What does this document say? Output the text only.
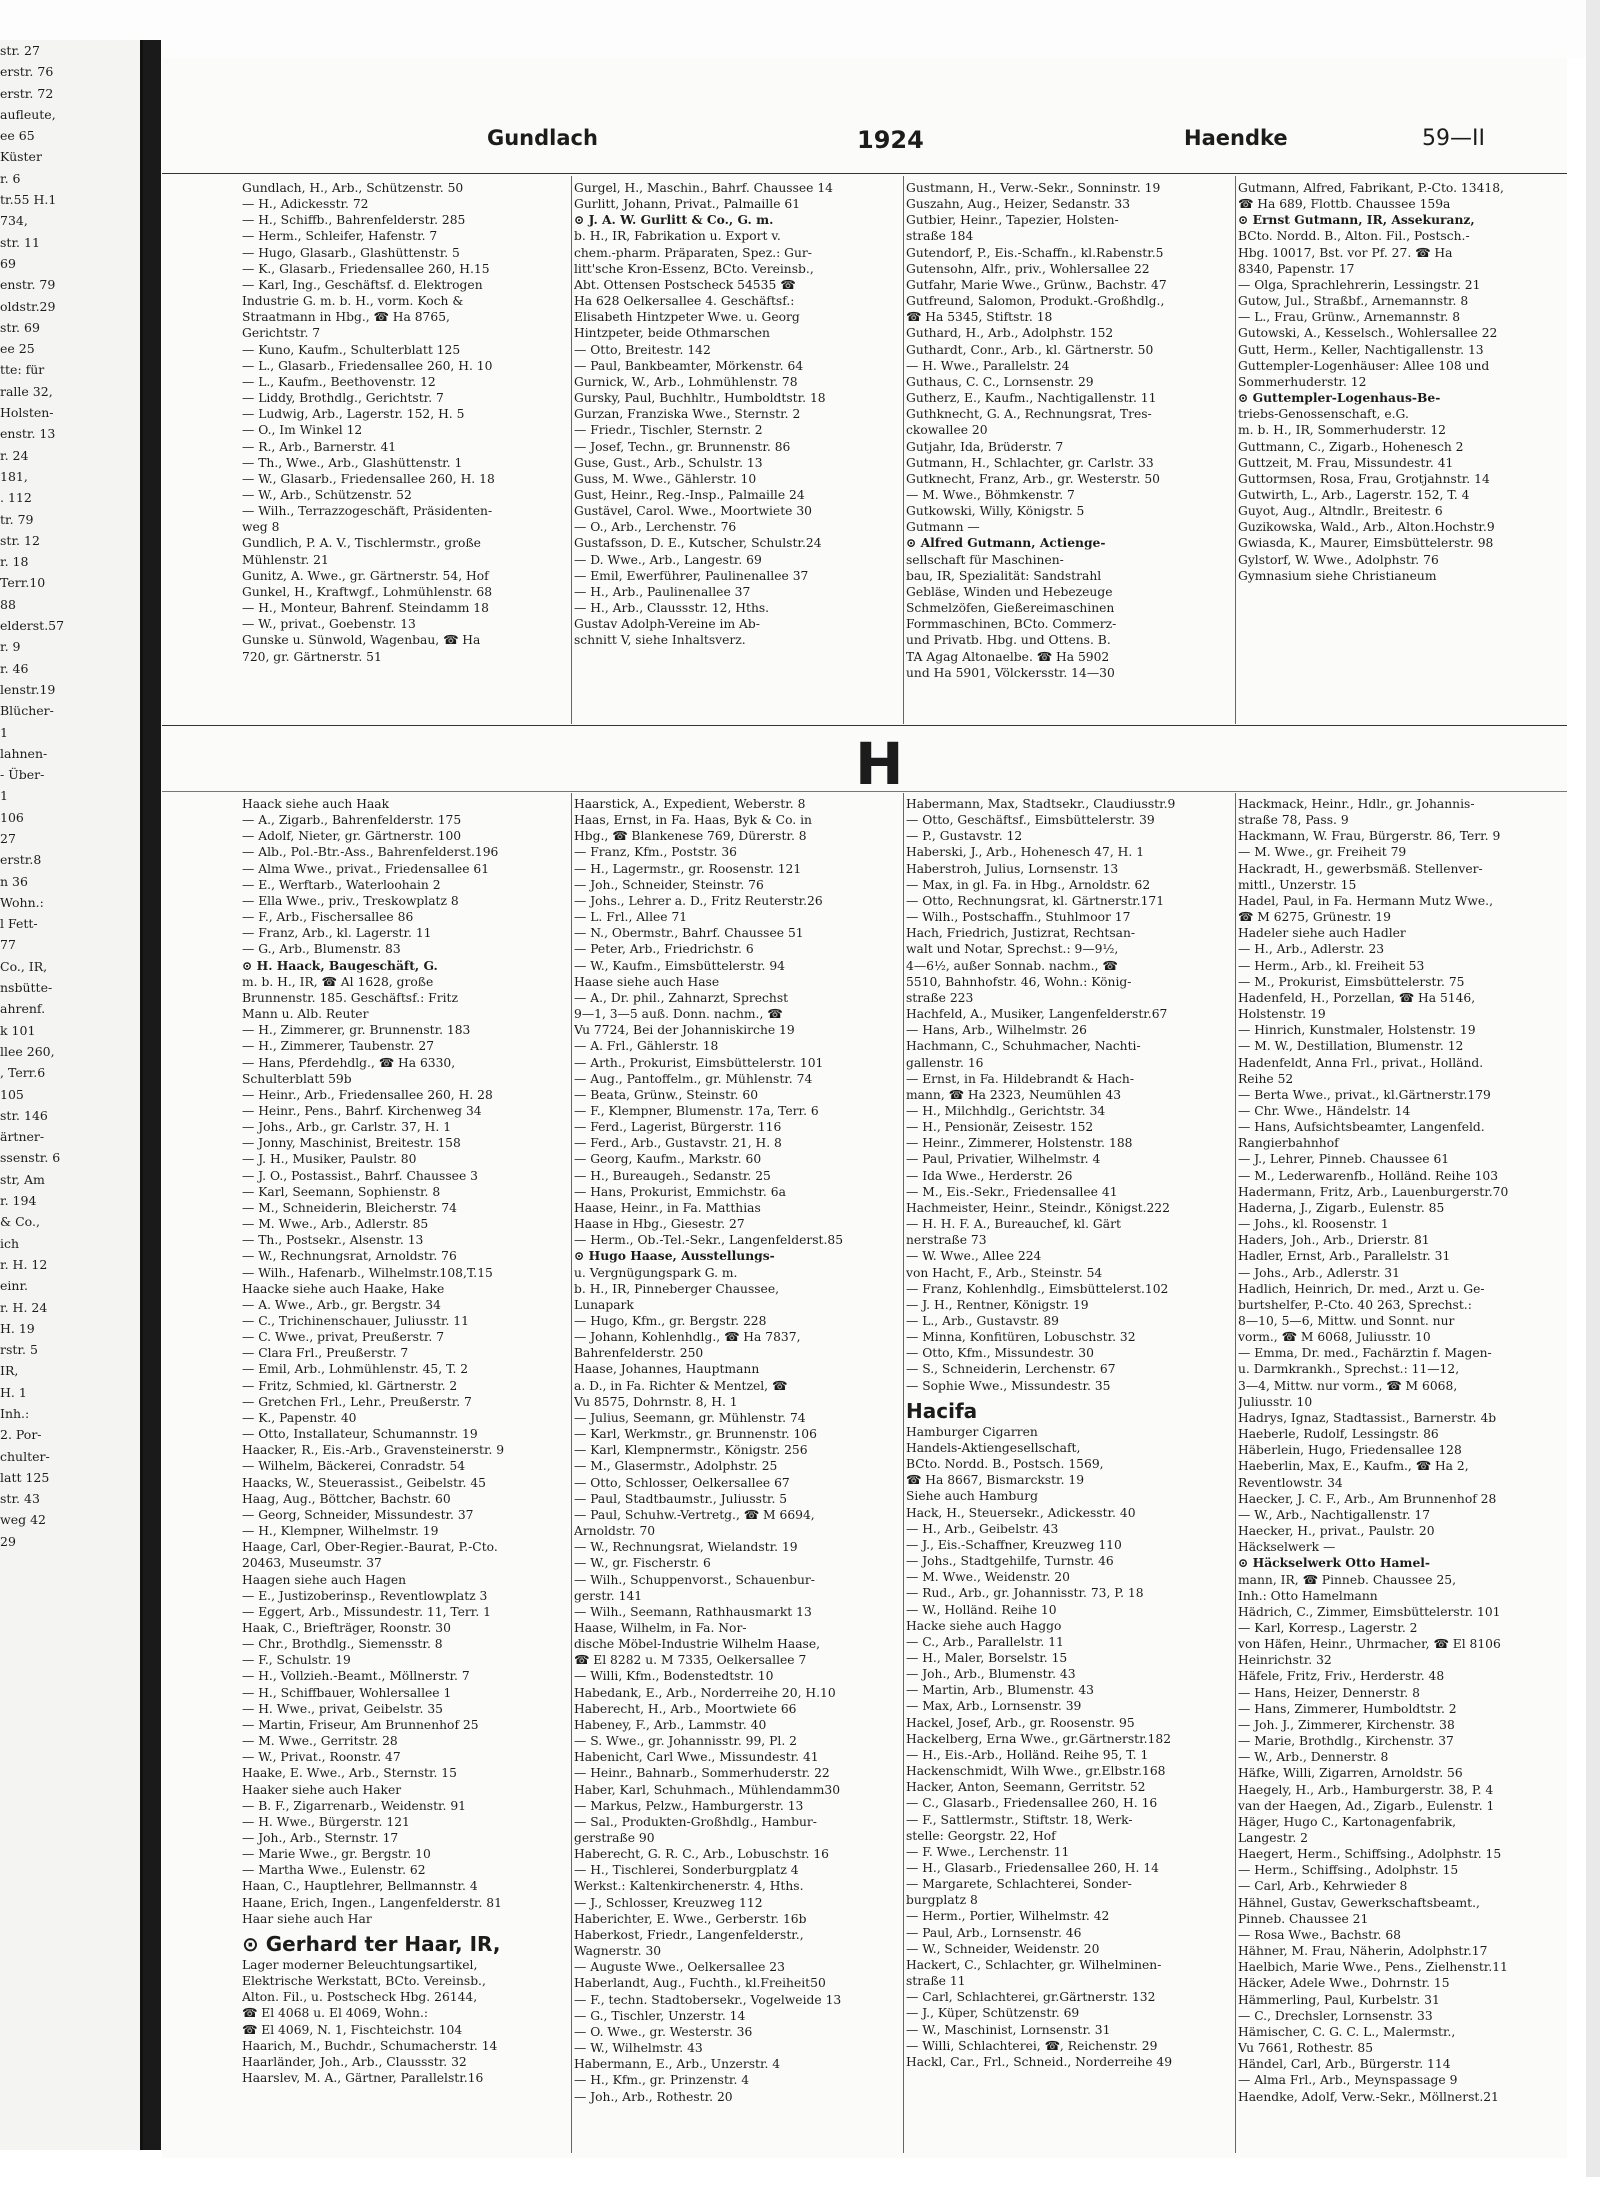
str. 27
erstr. 76
erstr. 72
aufleute,
ee 65
Küster
r. 6
tr.55 H.1
734,
str. 11
69
enstr. 79
oldstr.29
str. 69
ee 25
tte: für
ralle 32,
Holsten-
enstr. 13
r. 24
181,
. 112
tr. 79
str. 12
r. 18
Terr.10
88
elderst.57
r. 9
r. 46
lenstr.19
Blücher-
1
lahnen-
- Über-
1
106
27
erstr.8
n 36
Wohn.:
l Fett-
77
Co., IR,
nsbütte-
ahrenf.
k 101
llee 260,
, Terr.6
105
str. 146
ärtner-
ssenstr. 6
str, Am
r. 194
& Co.,
ich
r. H. 12
einr.
r. H. 24
H. 19
rstr. 5
IR,
H. 1
Inh.:
2. Por-
chulter-
latt 125
str. 43
weg 42
29
Gundlach	1924	Haendke	59—II
Gundlach, H., Arb., Schützenstr. 50
— H., Adickesstr. 72
— H., Schiffb., Bahrenfelderstr. 285
— Herm., Schleifer, Hafenstr. 7
— Hugo, Glasarb., Glashüttenstr. 5
— K., Glasarb., Friedensallee 260, H.15
— Karl, Ing., Geschäftsf. d. Elektrogen
Industrie G. m. b. H., vorm. Koch &
Straatmann in Hbg., ☎ Ha 8765,
Gerichtstr. 7
— Kuno, Kaufm., Schulterblatt 125
— L., Glasarb., Friedensallee 260, H. 10
— L., Kaufm., Beethovenstr. 12
— Liddy, Brothdlg., Gerichtstr. 7
— Ludwig, Arb., Lagerstr. 152, H. 5
— O., Im Winkel 12
— R., Arb., Barnerstr. 41
— Th., Wwe., Arb., Glashüttenstr. 1
— W., Glasarb., Friedensallee 260, H. 18
— W., Arb., Schützenstr. 52
— Wilh., Terrazzogeschäft, Präsidenten-
weg 8
Gundlich, P. A. V., Tischlermstr., große
Mühlenstr. 21
Gunitz, A. Wwe., gr. Gärtnerstr. 54, Hof
Gunkel, H., Kraftwgf., Lohmühlenstr. 68
— H., Monteur, Bahrenf. Steindamm 18
— W., privat., Goebenstr. 13
Gunske u. Sünwold, Wagenbau, ☎ Ha
720, gr. Gärtnerstr. 51
Gurgel, H., Maschin., Bahrf. Chaussee 14
Gurlitt, Johann, Privat., Palmaille 61
⊙ J. A. W. Gurlitt & Co., G. m.
b. H., IR, Fabrikation u. Export v.
chem.-pharm. Präparaten, Spez.: Gur-
litt'sche Kron-Essenz, BCto. Vereinsb.,
Abt. Ottensen Postscheck 54535 ☎
Ha 628 Oelkersallee 4. Geschäftsf.:
Elisabeth Hintzpeter Wwe. u. Georg
Hintzpeter, beide Othmarschen
— Otto, Breitestr. 142
— Paul, Bankbeamter, Mörkenstr. 64
Gurnick, W., Arb., Lohmühlenstr. 78
Gursky, Paul, Buchhltr., Humboldtstr. 18
Gurzan, Franziska Wwe., Sternstr. 2
— Friedr., Tischler, Sternstr. 2
— Josef, Techn., gr. Brunnenstr. 86
Guse, Gust., Arb., Schulstr. 13
Guss, M. Wwe., Gählerstr. 10
Gust, Heinr., Reg.-Insp., Palmaille 24
Gustävel, Carol. Wwe., Moortwiete 30
— O., Arb., Lerchenstr. 76
Gustafsson, D. E., Kutscher, Schulstr.24
— D. Wwe., Arb., Langestr. 69
— Emil, Ewerführer, Paulinenallee 37
— H., Arb., Paulinenallee 37
— H., Arb., Claussstr. 12, Hths.
Gustav Adolph-Vereine im Ab-
schnitt V, siehe Inhaltsverz.
Gustmann, H., Verw.-Sekr., Sonninstr. 19
Guszahn, Aug., Heizer, Sedanstr. 33
Gutbier, Heinr., Tapezier, Holsten-
straße 184
Gutendorf, P., Eis.-Schaffn., kl.Rabenstr.5
Gutensohn, Alfr., priv., Wohlersallee 22
Gutfahr, Marie Wwe., Grünw., Bachstr. 47
Gutfreund, Salomon, Produkt.-Großhdlg.,
☎ Ha 5345, Stiftstr. 18
Guthard, H., Arb., Adolphstr. 152
Guthardt, Conr., Arb., kl. Gärtnerstr. 50
— H. Wwe., Parallelstr. 24
Guthaus, C. C., Lornsenstr. 29
Gutherz, E., Kaufm., Nachtigallenstr. 11
Guthknecht, G. A., Rechnungsrat, Tres-
ckowallee 20
Gutjahr, Ida, Brüderstr. 7
Gutmann, H., Schlachter, gr. Carlstr. 33
Gutknecht, Franz, Arb., gr. Westerstr. 50
— M. Wwe., Böhmkenstr. 7
Gutkowski, Willy, Königstr. 5
Gutmann —
⊙ Alfred Gutmann, Actienge-
sellschaft für Maschinen-
bau, IR, Spezialität: Sandstrahl
Gebläse, Winden und Hebezeuge
Schmelzöfen, Gießereimaschinen
Formmaschinen, BCto. Commerz-
und Privatb. Hbg. und Ottens. B.
TA Agag Altonaelbe. ☎ Ha 5902
und Ha 5901, Völckersstr. 14—30
Gutmann, Alfred, Fabrikant, P.-Cto. 13418,
☎ Ha 689, Flottb. Chaussee 159a
⊙ Ernst Gutmann, IR, Assekuranz,
BCto. Nordd. B., Alton. Fil., Postsch.-
Hbg. 10017, Bst. vor Pf. 27. ☎ Ha
8340, Papenstr. 17
— Olga, Sprachlehrerin, Lessingstr. 21
Gutow, Jul., Straßbf., Arnemannstr. 8
— L., Frau, Grünw., Arnemannstr. 8
Gutowski, A., Kesselsch., Wohlersallee 22
Gutt, Herm., Keller, Nachtigallenstr. 13
Guttempler-Logenhäuser: Allee 108 und
Sommerhuderstr. 12
⊙ Guttempler-Logenhaus-Be-
triebs-Genossenschaft, e.G.
m. b. H., IR, Sommerhuderstr. 12
Guttmann, C., Zigarb., Hohenesch 2
Guttzeit, M. Frau, Missundestr. 41
Guttormsen, Rosa, Frau, Grotjahnstr. 14
Gutwirth, L., Arb., Lagerstr. 152, T. 4
Guyot, Aug., Altndlr., Breitestr. 6
Guzikowska, Wald., Arb., Alton.Hochstr.9
Gwiasda, K., Maurer, Eimsbüttelerstr. 98
Gylstorf, W. Wwe., Adolphstr. 76
Gymnasium siehe Christianeum
H
Haack siehe auch Haak
— A., Zigarb., Bahrenfelderstr. 175
— Adolf, Nieter, gr. Gärtnerstr. 100
— Alb., Pol.-Btr.-Ass., Bahrenfelderst.196
— Alma Wwe., privat., Friedensallee 61
— E., Werftarb., Waterloohain 2
— Ella Wwe., priv., Treskowplatz 8
— F., Arb., Fischersallee 86
— Franz, Arb., kl. Lagerstr. 11
— G., Arb., Blumenstr. 83
⊙ H. Haack, Baugeschäft, G.
m. b. H., IR, ☎ Al 1628, große
Brunnenstr. 185. Geschäftsf.: Fritz
Mann u. Alb. Reuter
— H., Zimmerer, gr. Brunnenstr. 183
— H., Zimmerer, Taubenstr. 27
— Hans, Pferdehdlg., ☎ Ha 6330,
Schulterblatt 59b
— Heinr., Arb., Friedensallee 260, H. 28
— Heinr., Pens., Bahrf. Kirchenweg 34
— Johs., Arb., gr. Carlstr. 37, H. 1
— Jonny, Maschinist, Breitestr. 158
— J. H., Musiker, Paulstr. 80
— J. O., Postassist., Bahrf. Chaussee 3
— Karl, Seemann, Sophienstr. 8
— M., Schneiderin, Bleicherstr. 74
— M. Wwe., Arb., Adlerstr. 85
— Th., Postsekr., Alsenstr. 13
— W., Rechnungsrat, Arnoldstr. 76
— Wilh., Hafenarb., Wilhelmstr.108,T.15
Haacke siehe auch Haake, Hake
— A. Wwe., Arb., gr. Bergstr. 34
— C., Trichinenschauer, Juliusstr. 11
— C. Wwe., privat, Preußerstr. 7
— Clara Frl., Preußerstr. 7
— Emil, Arb., Lohmühlenstr. 45, T. 2
— Fritz, Schmied, kl. Gärtnerstr. 2
— Gretchen Frl., Lehr., Preußerstr. 7
— K., Papenstr. 40
— Otto, Installateur, Schumannstr. 19
Haacker, R., Eis.-Arb., Gravensteinerstr. 9
— Wilhelm, Bäckerei, Conradstr. 54
Haacks, W., Steuerassist., Geibelstr. 45
Haag, Aug., Böttcher, Bachstr. 60
— Georg, Schneider, Missundestr. 37
— H., Klempner, Wilhelmstr. 19
Haage, Carl, Ober-Regier.-Baurat, P.-Cto.
20463, Museumstr. 37
Haagen siehe auch Hagen
— E., Justizoberinsp., Reventlowplatz 3
— Eggert, Arb., Missundestr. 11, Terr. 1
Haak, C., Briefträger, Roonstr. 30
— Chr., Brothdlg., Siemensstr. 8
— F., Schulstr. 19
— H., Vollzieh.-Beamt., Möllnerstr. 7
— H., Schiffbauer, Wohlersallee 1
— H. Wwe., privat, Geibelstr. 35
— Martin, Friseur, Am Brunnenhof 25
— M. Wwe., Gerritstr. 28
— W., Privat., Roonstr. 47
Haake, E. Wwe., Arb., Sternstr. 15
Haaker siehe auch Haker
— B. F., Zigarrenarb., Weidenstr. 91
— H. Wwe., Bürgerstr. 121
— Joh., Arb., Sternstr. 17
— Marie Wwe., gr. Bergstr. 10
— Martha Wwe., Eulenstr. 62
Haan, C., Hauptlehrer, Bellmannstr. 4
Haane, Erich, Ingen., Langenfelderstr. 81
Haar siehe auch Har
⊙ Gerhard ter Haar, IR,
Lager moderner Beleuchtungsartikel,
Elektrische Werkstatt, BCto. Vereinsb.,
Alton. Fil., u. Postscheck Hbg. 26144,
☎ El 4068 u. El 4069, Wohn.:
☎ El 4069, N. 1, Fischteichstr. 104
Haarich, M., Buchdr., Schumacherstr. 14
Haarländer, Joh., Arb., Claussstr. 32
Haarslev, M. A., Gärtner, Parallelstr.16
Haarstick, A., Expedient, Weberstr. 8
Haas, Ernst, in Fa. Haas, Byk & Co. in
Hbg., ☎ Blankenese 769, Dürerstr. 8
— Franz, Kfm., Poststr. 36
— H., Lagermstr., gr. Roosenstr. 121
— Joh., Schneider, Steinstr. 76
— Johs., Lehrer a. D., Fritz Reuterstr.26
— L. Frl., Allee 71
— N., Obermstr., Bahrf. Chaussee 51
— Peter, Arb., Friedrichstr. 6
— W., Kaufm., Eimsbüttelerstr. 94
Haase siehe auch Hase
— A., Dr. phil., Zahnarzt, Sprechst
9—1, 3—5 auß. Donn. nachm., ☎
Vu 7724, Bei der Johanniskirche 19
— A. Frl., Gählerstr. 18
— Arth., Prokurist, Eimsbüttelerstr. 101
— Aug., Pantoffelm., gr. Mühlenstr. 74
— Beata, Grünw., Steinstr. 60
— F., Klempner, Blumenstr. 17a, Terr. 6
— Ferd., Lagerist, Bürgerstr. 116
— Ferd., Arb., Gustavstr. 21, H. 8
— Georg, Kaufm., Markstr. 60
— H., Bureaugeh., Sedanstr. 25
— Hans, Prokurist, Emmichstr. 6a
Haase, Heinr., in Fa. Matthias
Haase in Hbg., Giesestr. 27
— Herm., Ob.-Tel.-Sekr., Langenfelderst.85
⊙ Hugo Haase, Ausstellungs-
u. Vergnügungspark G. m.
b. H., IR, Pinneberger Chaussee,
Lunapark
— Hugo, Kfm., gr. Bergstr. 228
— Johann, Kohlenhdlg., ☎ Ha 7837,
Bahrenfelderstr. 250
Haase, Johannes, Hauptmann
a. D., in Fa. Richter & Mentzel, ☎
Vu 8575, Dohrnstr. 8, H. 1
— Julius, Seemann, gr. Mühlenstr. 74
— Karl, Werkmstr., gr. Brunnenstr. 106
— Karl, Klempnermstr., Königstr. 256
— M., Glasermstr., Adolphstr. 25
— Otto, Schlosser, Oelkersallee 67
— Paul, Stadtbaumstr., Juliusstr. 5
— Paul, Schuhw.-Vertretg., ☎ M 6694,
Arnoldstr. 70
— W., Rechnungsrat, Wielandstr. 19
— W., gr. Fischerstr. 6
— Wilh., Schuppenvorst., Schauenbur-
gerstr. 141
— Wilh., Seemann, Rathhausmarkt 13
Haase, Wilhelm, in Fa. Nor-
dische Möbel-Industrie Wilhelm Haase,
☎ El 8282 u. M 7335, Oelkersallee 7
— Willi, Kfm., Bodenstedtstr. 10
Habedank, E., Arb., Norderreihe 20, H.10
Haberecht, H., Arb., Moortwiete 66
Habeney, F., Arb., Lammstr. 40
— S. Wwe., gr. Johannisstr. 99, Pl. 2
Habenicht, Carl Wwe., Missundestr. 41
— Heinr., Bahnarb., Sommerhuderstr. 22
Haber, Karl, Schuhmach., Mühlendamm30
— Markus, Pelzw., Hamburgerstr. 13
— Sal., Produkten-Großhdlg., Hambur-
gerstraße 90
Haberecht, G. R. C., Arb., Lobuschstr. 16
— H., Tischlerei, Sonderburgplatz 4
Werkst.: Kaltenkirchenerstr. 4, Hths.
— J., Schlosser, Kreuzweg 112
Haberichter, E. Wwe., Gerberstr. 16b
Haberkost, Friedr., Langenfelderstr.,
Wagnerstr. 30
— Auguste Wwe., Oelkersallee 23
Haberlandt, Aug., Fuchth., kl.Freiheit50
— F., techn. Stadtobersekr., Vogelweide 13
— G., Tischler, Unzerstr. 14
— O. Wwe., gr. Westerstr. 36
— W., Wilhelmstr. 43
Habermann, E., Arb., Unzerstr. 4
— H., Kfm., gr. Prinzenstr. 4
— Joh., Arb., Rothestr. 20
Habermann, Max, Stadtsekr., Claudiusstr.9
— Otto, Geschäftsf., Eimsbüttelerstr. 39
— P., Gustavstr. 12
Haberski, J., Arb., Hohenesch 47, H. 1
Haberstroh, Julius, Lornsenstr. 13
— Max, in gl. Fa. in Hbg., Arnoldstr. 62
— Otto, Rechnungsrat, kl. Gärtnerstr.171
— Wilh., Postschaffn., Stuhlmoor 17
Hach, Friedrich, Justizrat, Rechtsan-
walt und Notar, Sprechst.: 9—9½,
4—6½, außer Sonnab. nachm., ☎
5510, Bahnhofstr. 46, Wohn.: König-
straße 223
Hachfeld, A., Musiker, Langenfelderstr.67
— Hans, Arb., Wilhelmstr. 26
Hachmann, C., Schuhmacher, Nachti-
gallenstr. 16
— Ernst, in Fa. Hildebrandt & Hach-
mann, ☎ Ha 2323, Neumühlen 43
— H., Milchhdlg., Gerichtstr. 34
— H., Pensionär, Zeisestr. 152
— Heinr., Zimmerer, Holstenstr. 188
— Paul, Privatier, Wilhelmstr. 4
— Ida Wwe., Herderstr. 26
— M., Eis.-Sekr., Friedensallee 41
Hachmeister, Heinr., Steindr., Königst.222
— H. H. F. A., Bureauchef, kl. Gärt
nerstraße 73
— W. Wwe., Allee 224
von Hacht, F., Arb., Steinstr. 54
— Franz, Kohlenhdlg., Eimsbüttelerst.102
— J. H., Rentner, Königstr. 19
— L., Arb., Gustavstr. 89
— Minna, Konfitüren, Lobuschstr. 32
— Otto, Kfm., Missundestr. 30
— S., Schneiderin, Lerchenstr. 67
— Sophie Wwe., Missundestr. 35
Hacifa
Hamburger Cigarren
Handels-Aktiengesellschaft,
BCto. Nordd. B., Postsch. 1569,
☎ Ha 8667, Bismarckstr. 19
Siehe auch Hamburg
Hack, H., Steuersekr., Adickesstr. 40
— H., Arb., Geibelstr. 43
— J., Eis.-Schaffner, Kreuzweg 110
— Johs., Stadtgehilfe, Turnstr. 46
— M. Wwe., Weidenstr. 20
— Rud., Arb., gr. Johannisstr. 73, P. 18
— W., Holländ. Reihe 10
Hacke siehe auch Haggo
— C., Arb., Parallelstr. 11
— H., Maler, Borselstr. 15
— Joh., Arb., Blumenstr. 43
— Martin, Arb., Blumenstr. 43
— Max, Arb., Lornsenstr. 39
Hackel, Josef, Arb., gr. Roosenstr. 95
Hackelberg, Erna Wwe., gr.Gärtnerstr.182
— H., Eis.-Arb., Holländ. Reihe 95, T. 1
Hackenschmidt, Wilh Wwe., gr.Elbstr.168
Hacker, Anton, Seemann, Gerritstr. 52
— C., Glasarb., Friedensallee 260, H. 16
— F., Sattlermstr., Stiftstr. 18, Werk-
stelle: Georgstr. 22, Hof
— F. Wwe., Lerchenstr. 11
— H., Glasarb., Friedensallee 260, H. 14
— Margarete, Schlachterei, Sonder-
burgplatz 8
— Herm., Portier, Wilhelmstr. 42
— Paul, Arb., Lornsenstr. 46
— W., Schneider, Weidenstr. 20
Hackert, C., Schlachter, gr. Wilhelminen-
straße 11
— Carl, Schlachterei, gr.Gärtnerstr. 132
— J., Küper, Schützenstr. 69
— W., Maschinist, Lornsenstr. 31
— Willi, Schlachterei, ☎, Reichenstr. 29
Hackl, Car., Frl., Schneid., Norderreihe 49
Hackmack, Heinr., Hdlr., gr. Johannis-
straße 78, Pass. 9
Hackmann, W. Frau, Bürgerstr. 86, Terr. 9
— M. Wwe., gr. Freiheit 79
Hackradt, H., gewerbsmäß. Stellenver-
mittl., Unzerstr. 15
Hadel, Paul, in Fa. Hermann Mutz Wwe.,
☎ M 6275, Grünestr. 19
Hadeler siehe auch Hadler
— H., Arb., Adlerstr. 23
— Herm., Arb., kl. Freiheit 53
— M., Prokurist, Eimsbüttelerstr. 75
Hadenfeld, H., Porzellan, ☎ Ha 5146,
Holstenstr. 19
— Hinrich, Kunstmaler, Holstenstr. 19
— M. W., Destillation, Blumenstr. 12
Hadenfeldt, Anna Frl., privat., Holländ.
Reihe 52
— Berta Wwe., privat., kl.Gärtnerstr.179
— Chr. Wwe., Händelstr. 14
— Hans, Aufsichtsbeamter, Langenfeld.
Rangierbahnhof
— J., Lehrer, Pinneb. Chaussee 61
— M., Lederwarenfb., Holländ. Reihe 103
Hadermann, Fritz, Arb., Lauenburgerstr.70
Haderna, J., Zigarb., Eulenstr. 85
— Johs., kl. Roosenstr. 1
Haders, Joh., Arb., Drierstr. 81
Hadler, Ernst, Arb., Parallelstr. 31
— Johs., Arb., Adlerstr. 31
Hadlich, Heinrich, Dr. med., Arzt u. Ge-
burtshelfer, P.-Cto. 40 263, Sprechst.:
8—10, 5—6, Mittw. und Sonnt. nur
vorm., ☎ M 6068, Juliusstr. 10
— Emma, Dr. med., Fachärztin f. Magen-
u. Darmkrankh., Sprechst.: 11—12,
3—4, Mittw. nur vorm., ☎ M 6068,
Juliusstr. 10
Hadrys, Ignaz, Stadtassist., Barnerstr. 4b
Haeberle, Rudolf, Lessingstr. 86
Häberlein, Hugo, Friedensallee 128
Haeberlin, Max, E., Kaufm., ☎ Ha 2,
Reventlowstr. 34
Haecker, J. C. F., Arb., Am Brunnenhof 28
— W., Arb., Nachtigallenstr. 17
Haecker, H., privat., Paulstr. 20
Häckselwerk —
⊙ Häckselwerk Otto Hamel-
mann, IR, ☎ Pinneb. Chaussee 25,
Inh.: Otto Hamelmann
Hädrich, C., Zimmer, Eimsbüttelerstr. 101
— Karl, Korresp., Lagerstr. 2
von Häfen, Heinr., Uhrmacher, ☎ El 8106
Heinrichstr. 32
Häfele, Fritz, Friv., Herderstr. 48
— Hans, Heizer, Dennerstr. 8
— Hans, Zimmerer, Humboldtstr. 2
— Joh. J., Zimmerer, Kirchenstr. 38
— Marie, Brothdlg., Kirchenstr. 37
— W., Arb., Dennerstr. 8
Häfke, Willi, Zigarren, Arnoldstr. 56
Haegely, H., Arb., Hamburgerstr. 38, P. 4
van der Haegen, Ad., Zigarb., Eulenstr. 1
Häger, Hugo C., Kartonagenfabrik,
Langestr. 2
Haegert, Herm., Schiffsing., Adolphstr. 15
— Herm., Schiffsing., Adolphstr. 15
— Carl, Arb., Kehrwieder 8
Hähnel, Gustav, Gewerkschaftsbeamt.,
Pinneb. Chaussee 21
— Rosa Wwe., Bachstr. 68
Hähner, M. Frau, Näherin, Adolphstr.17
Haelbich, Marie Wwe., Pens., Zielhenstr.11
Häcker, Adele Wwe., Dohrnstr. 15
Hämmerling, Paul, Kurbelstr. 31
— C., Drechsler, Lornsenstr. 33
Hämischer, C. G. C. L., Malermstr.,
Vu 7661, Rothestr. 85
Händel, Carl, Arb., Bürgerstr. 114
— Alma Frl., Arb., Meynspassage 9
Haendke, Adolf, Verw.-Sekr., Möllnerst.21
